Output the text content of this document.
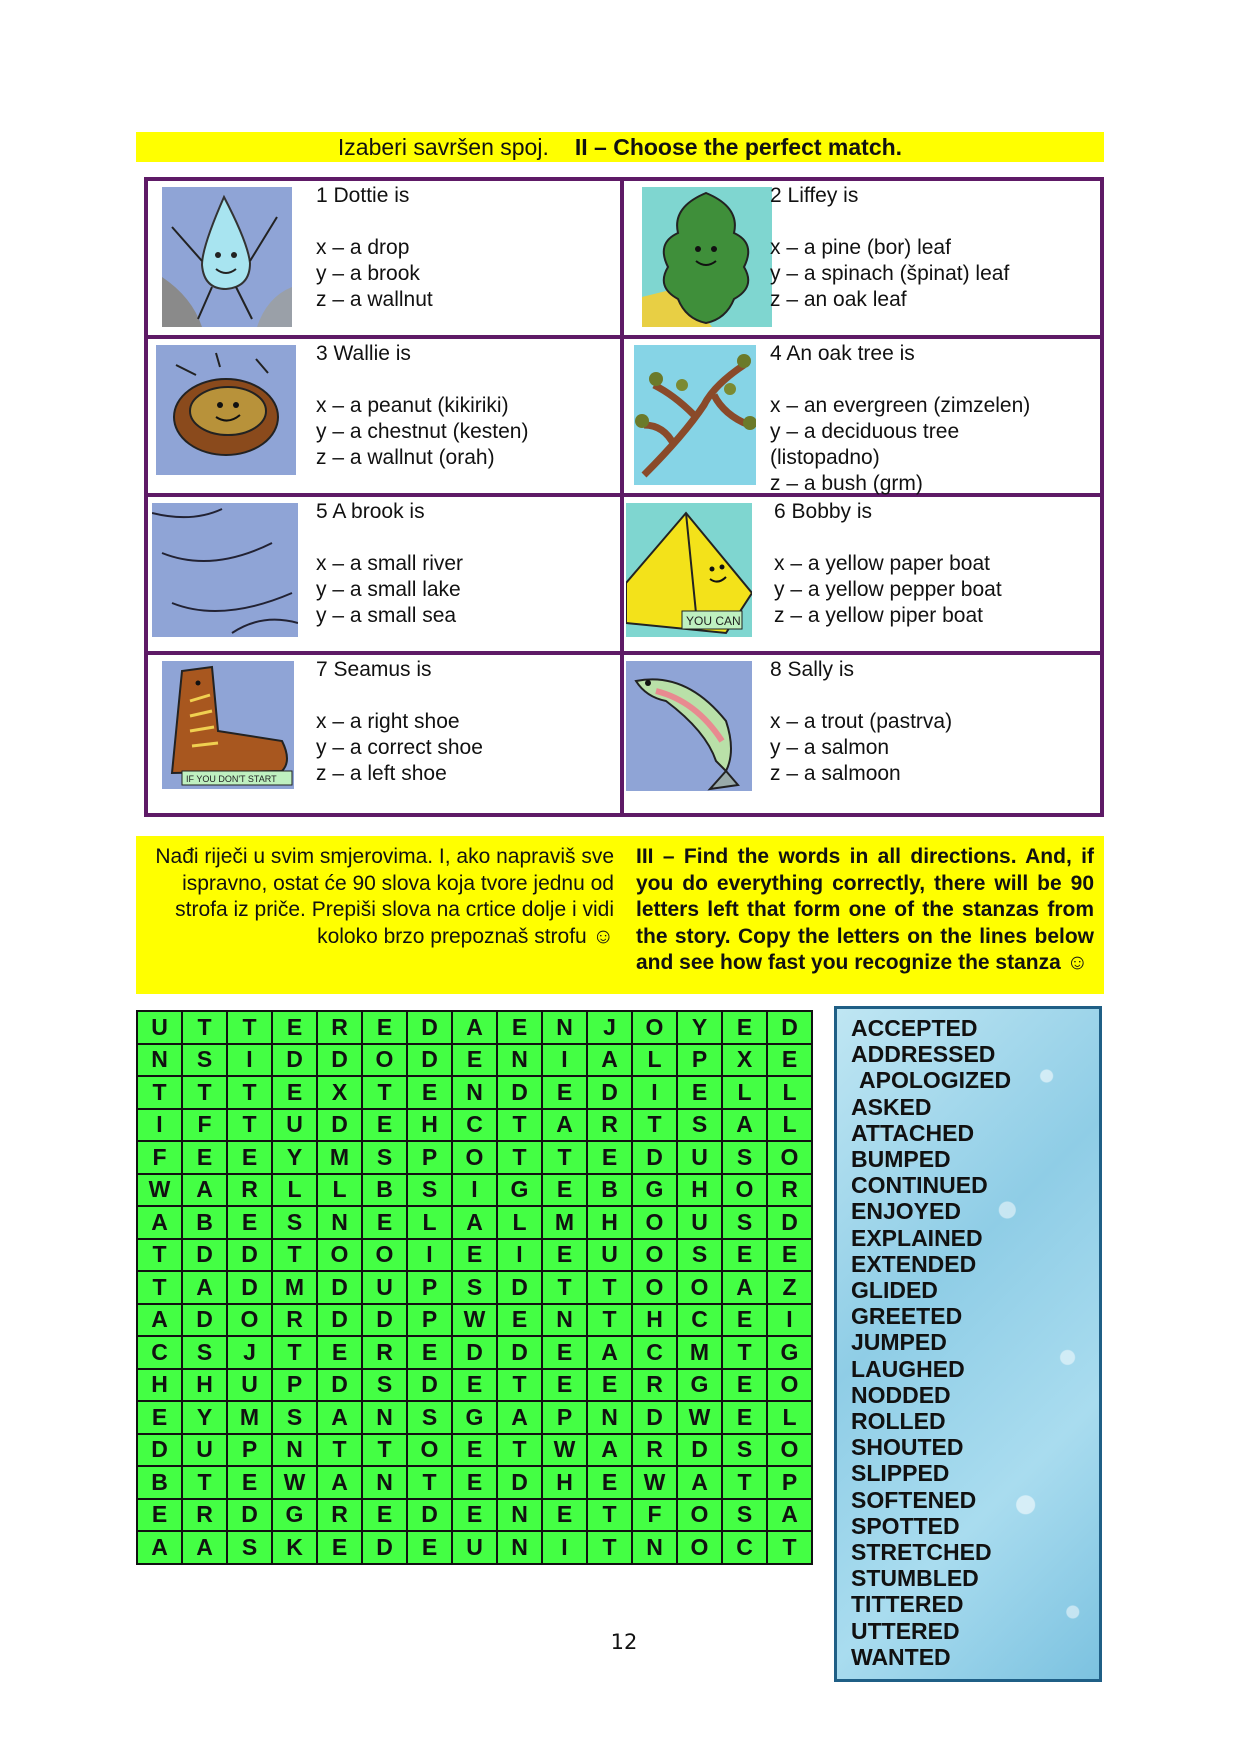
Izaberi savršen spoj. II – Choose the perfect match.
1 Dottie is
x – a drop
y – a brook
z – a wallnut
2 Liffey is
x – a pine (bor) leaf
y – a spinach (špinat) leaf
z – an oak leaf
3 Wallie is
x – a peanut (kikiriki)
y – a chestnut (kesten)
z – a wallnut (orah)
4 An oak tree is
x – an evergreen (zimzelen)
y – a deciduous tree
(listopadno)
z – a bush (grm)
5 A brook is
x – a small river
y – a small lake
y – a small sea	YOU CAN
6 Bobby is
x – a yellow paper boat
y – a yellow pepper boat
z – a yellow piper boat
IF YOU DON'T START
7 Seamus is
x – a right shoe
y – a correct shoe
z – a left shoe
8 Sally is
x – a trout (pastrva)
y – a salmon
z – a salmoon
Nađi riječi u svim smjerovima. I, ako napraviš sve ispravno, ostat će 90 slova koja tvore jednu od strofa iz priče. Prepiši slova na crtice dolje i vidi koloko brzo prepoznaš strofu ☺
III – Find the words in all directions. And, if you do everything correctly, there will be 90 letters left that form one of the stanzas from the story. Copy the letters on the lines below and see how fast you recognize the stanza ☺
U	T	T	E	R	E	D	A	E	N	J	O	Y	E	D
N	S	I	D	D	O	D	E	N	I	A	L	P	X	E
T	T	T	E	X	T	E	N	D	E	D	I	E	L	L
I	F	T	U	D	E	H	C	T	A	R	T	S	A	L
F	E	E	Y	M	S	P	O	T	T	E	D	U	S	O
W	A	R	L	L	B	S	I	G	E	B	G	H	O	R
A	B	E	S	N	E	L	A	L	M	H	O	U	S	D
T	D	D	T	O	O	I	E	I	E	U	O	S	E	E
T	A	D	M	D	U	P	S	D	T	T	O	O	A	Z
A	D	O	R	D	D	P	W	E	N	T	H	C	E	I
C	S	J	T	E	R	E	D	D	E	A	C	M	T	G
H	H	U	P	D	S	D	E	T	E	E	R	G	E	O
E	Y	M	S	A	N	S	G	A	P	N	D	W	E	L
D	U	P	N	T	T	O	E	T	W	A	R	D	S	O
B	T	E	W	A	N	T	E	D	H	E	W	A	T	P
E	R	D	G	R	E	D	E	N	E	T	F	O	S	A
A	A	S	K	E	D	E	U	N	I	T	N	O	C	T
ACCEPTED
ADDRESSED
APOLOGIZED
ASKED
ATTACHED
BUMPED
CONTINUED
ENJOYED
EXPLAINED
EXTENDED
GLIDED
GREETED
JUMPED
LAUGHED
NODDED
ROLLED
SHOUTED
SLIPPED
SOFTENED
SPOTTED
STRETCHED
STUMBLED
TITTERED
UTTERED
WANTED
12
